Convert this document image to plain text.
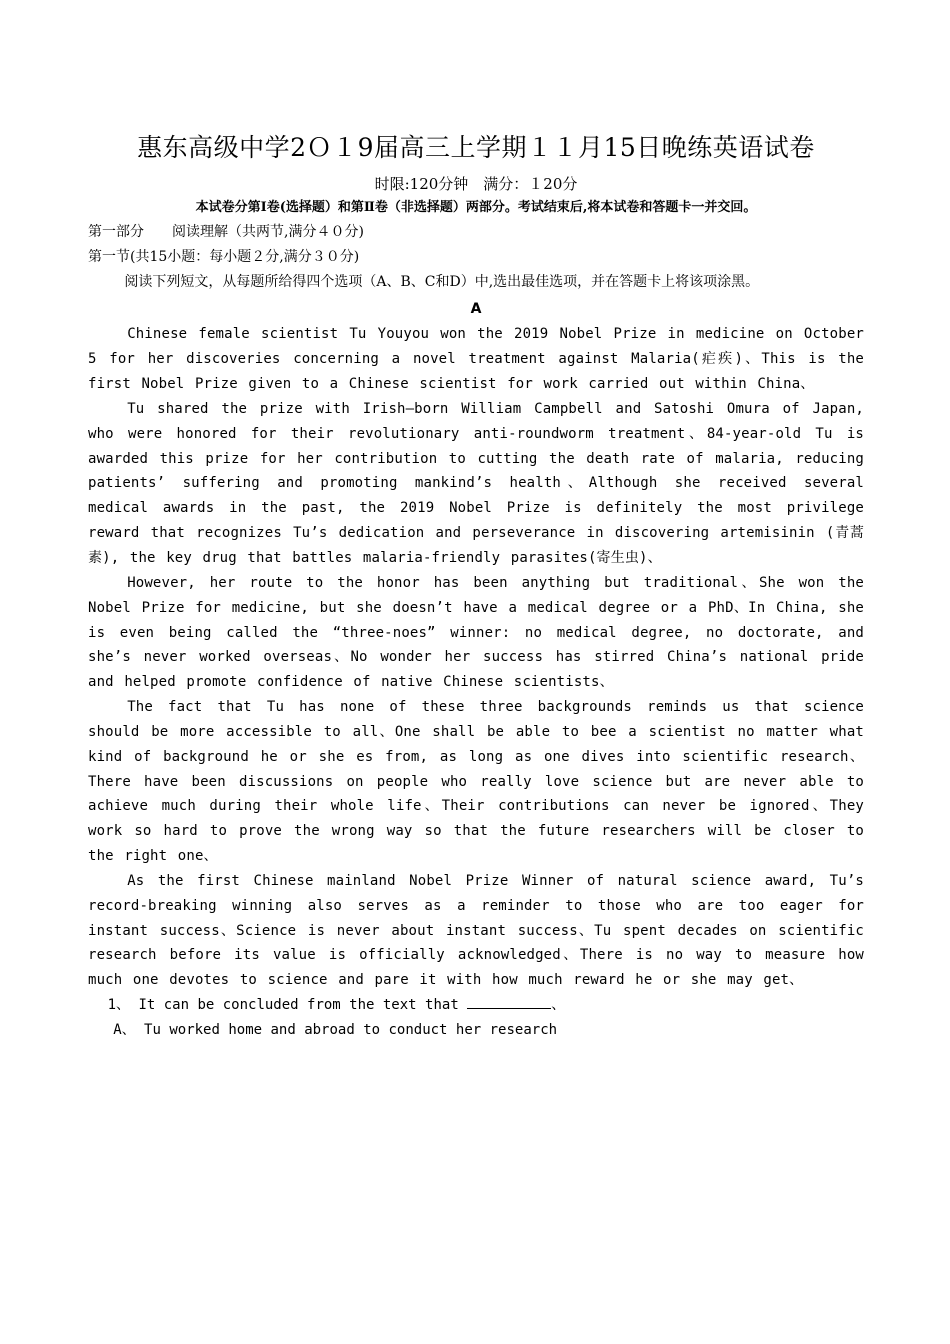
惠东高级中学2Ｏ１9届高三上学期１１月15日晚练英语试卷
时限:120分钟　满分：１20分
本试卷分第Ⅰ卷(选择题）和第Ⅱ卷（非选择题）两部分。考试结束后,将本试卷和答题卡一并交回。

第一部分　　阅读理解（共两节,满分４０分)

第一节(共15小题：每小题２分,满分３０分)

阅读下列短文，从每题所给得四个选项（A、B、C和D）中,选出最佳选项，并在答题卡上将该项涂黑。

A

Chinese female scientist Tu Youyou won the 2019 Nobel Prize in medicine on October 5 for her discoveries concerning a novel treatment against Malaria(疟疾)、This is the first Nobel Prize given to a Chinese scientist for work carried out within China、

Tu shared the prize with Irish—born William Campbell and Satoshi Omura of Japan, who were honored for their revolutionary anti-roundworm treatment、84-year-old Tu is awarded this prize for her contribution to cutting the death rate of malaria, reducing patients’ suffering and promoting mankind’s health、Although she received several medical awards in the past, the 2019 Nobel Prize is definitely the most privilege reward that recognizes Tu’s dedication and perseverance in discovering artemisinin (青蒿素), the key drug that battles malaria-friendly parasites(寄生虫)、

However, her route to the honor has been anything but traditional、She won the Nobel Prize for medicine, but she doesn’t have a medical degree or a PhD、In China, she is even being called the “three-noes” winner: no medical degree, no doctorate, and she’s never worked overseas、No wonder her success has stirred China’s national pride and helped promote confidence of native Chinese scientists、

The fact that Tu has none of these three backgrounds reminds us that science should be more accessible to all、One shall be able to bee a scientist no matter what kind of background he or she es from, as long as one dives into scientific research、There have been discussions on people who really love science but are never able to achieve much during their whole life、Their contributions can never be ignored、They work so hard to prove the wrong way so that the future researchers will be closer to the right one、

As the first Chinese mainland Nobel Prize Winner of natural science award, Tu’s record-breaking winning also serves as a reminder to those who are too eager for instant success、Science is never about instant success、Tu spent decades on scientific research before its value is officially acknowledged、There is no way to measure how much one devotes to science and pare it with how much reward he or she may get、

1、 It can be concluded from the text that	、

A、 Tu worked home and abroad to conduct her research
